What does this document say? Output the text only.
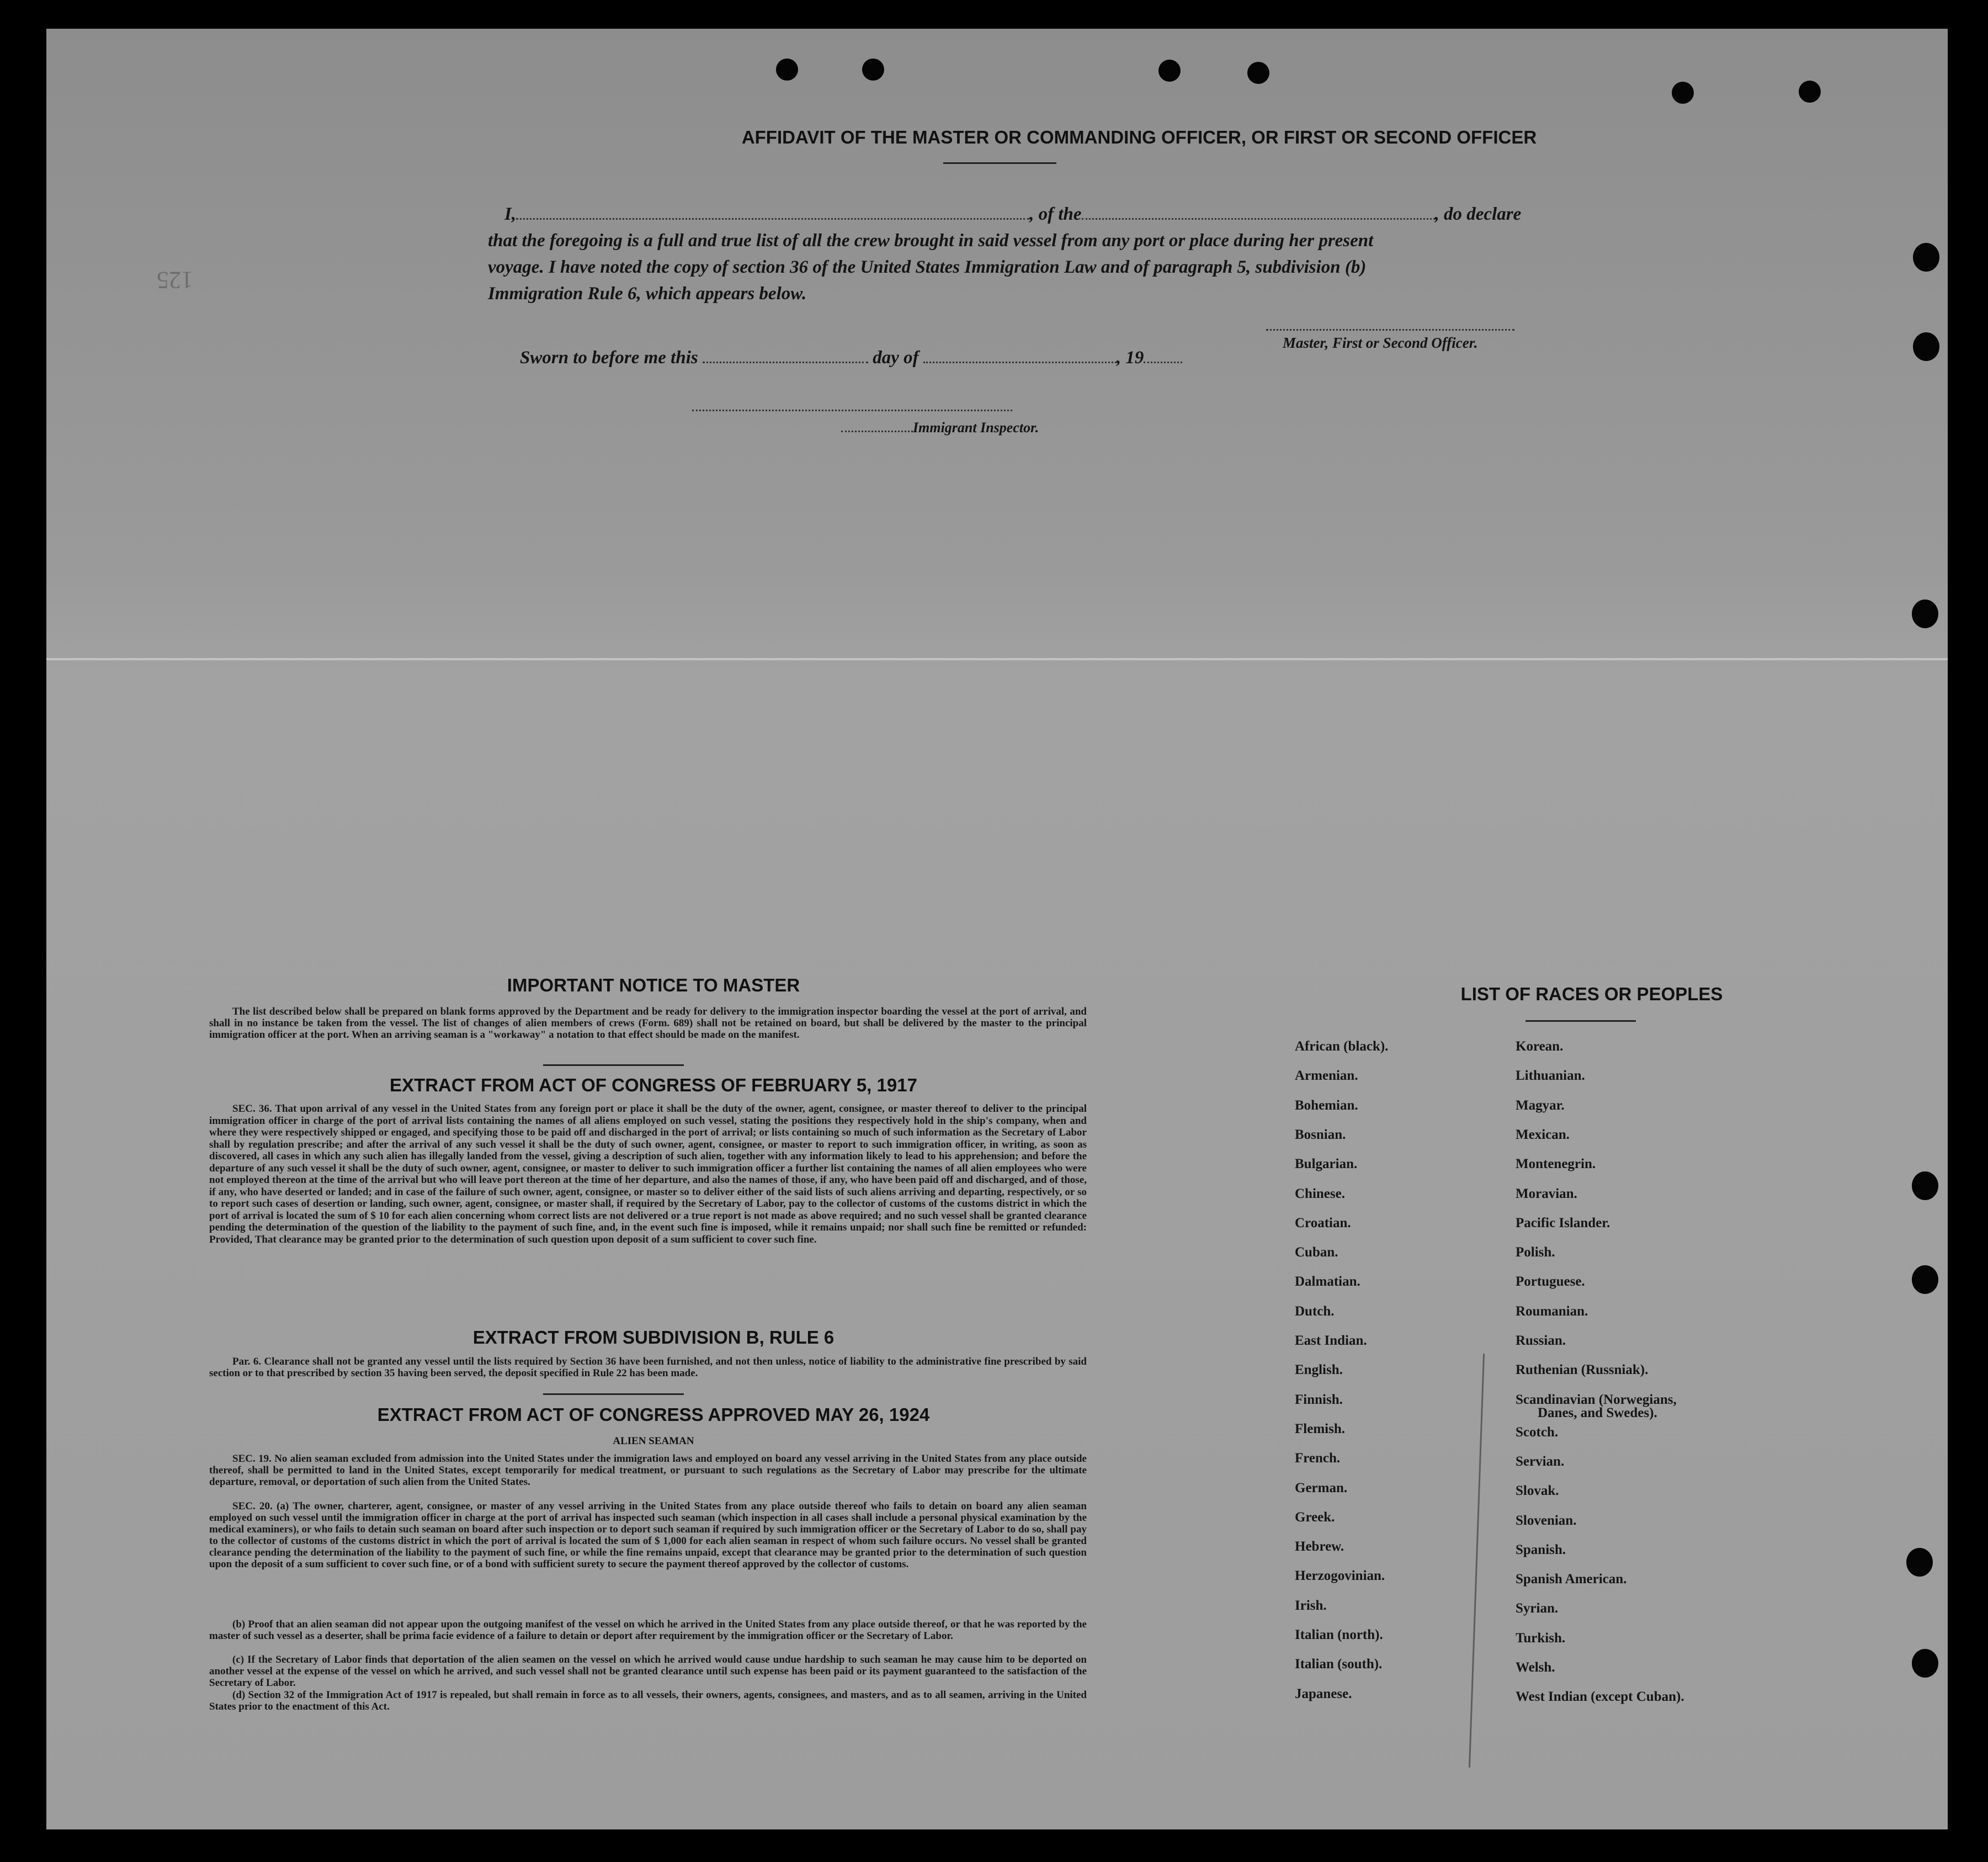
125
AFFIDAVIT OF THE MASTER OR COMMANDING OFFICER, OR FIRST OR SECOND OFFICER
I,	, of the	, do declare
that the foregoing is a full and true list of all the crew brought in said vessel from any port or place during her present
voyage. I have noted the copy of section 36 of the United States Immigration Law and of paragraph 5, subdivision (b)
Immigration Rule 6, which appears below.
Master, First or Second Officer.
Sworn to before me this	day of	, 19
Immigrant Inspector.
IMPORTANT NOTICE TO MASTER
The list described below shall be prepared on blank forms approved by the Department and be ready for delivery to the immigration inspector boarding the vessel at the port of arrival, and shall in no instance be taken from the vessel. The list of changes of alien members of crews (Form. 689) shall not be retained on board, but shall be delivered by the master to the principal immigration officer at the port. When an arriving seaman is a "workaway" a notation to that effect should be made on the manifest.
EXTRACT FROM ACT OF CONGRESS OF FEBRUARY 5, 1917
SEC. 36. That upon arrival of any vessel in the United States from any foreign port or place it shall be the duty of the owner, agent, consignee, or master thereof to deliver to the principal immigration officer in charge of the port of arrival lists containing the names of all aliens employed on such vessel, stating the positions they respectively hold in the ship's company, when and where they were respectively shipped or engaged, and specifying those to be paid off and discharged in the port of arrival; or lists containing so much of such information as the Secretary of Labor shall by regulation prescribe; and after the arrival of any such vessel it shall be the duty of such owner, agent, consignee, or master to report to such immigration officer, in writing, as soon as discovered, all cases in which any such alien has illegally landed from the vessel, giving a description of such alien, together with any information likely to lead to his apprehension; and before the departure of any such vessel it shall be the duty of such owner, agent, consignee, or master to deliver to such immigration officer a further list containing the names of all alien employees who were not employed thereon at the time of the arrival but who will leave port thereon at the time of her departure, and also the names of those, if any, who have been paid off and discharged, and of those, if any, who have deserted or landed; and in case of the failure of such owner, agent, consignee, or master so to deliver either of the said lists of such aliens arriving and departing, respectively, or so to report such cases of desertion or landing, such owner, agent, consignee, or master shall, if required by the Secretary of Labor, pay to the collector of customs of the customs district in which the port of arrival is located the sum of $ 10 for each alien concerning whom correct lists are not delivered or a true report is not made as above required; and no such vessel shall be granted clearance pending the determination of the question of the liability to the payment of such fine, and, in the event such fine is imposed, while it remains unpaid; nor shall such fine be remitted or refunded: Provided, That clearance may be granted prior to the determination of such question upon deposit of a sum sufficient to cover such fine.
EXTRACT FROM SUBDIVISION B, RULE 6
Par. 6. Clearance shall not be granted any vessel until the lists required by Section 36 have been furnished, and not then unless, notice of liability to the administrative fine prescribed by said section or to that prescribed by section 35 having been served, the deposit specified in Rule 22 has been made.
EXTRACT FROM ACT OF CONGRESS APPROVED MAY 26, 1924
ALIEN SEAMAN
SEC. 19. No alien seaman excluded from admission into the United States under the immigration laws and employed on board any vessel arriving in the United States from any place outside thereof, shall be permitted to land in the United States, except temporarily for medical treatment, or pursuant to such regulations as the Secretary of Labor may prescribe for the ultimate departure, removal, or deportation of such alien from the United States.
SEC. 20. (a) The owner, charterer, agent, consignee, or master of any vessel arriving in the United States from any place outside thereof who fails to detain on board any alien seaman employed on such vessel until the immigration officer in charge at the port of arrival has inspected such seaman (which inspection in all cases shall include a personal physical examination by the medical examiners), or who fails to detain such seaman on board after such inspection or to deport such seaman if required by such immigration officer or the Secretary of Labor to do so, shall pay to the collector of customs of the customs district in which the port of arrival is located the sum of $ 1,000 for each alien seaman in respect of whom such failure occurs. No vessel shall be granted clearance pending the determination of the liability to the payment of such fine, or while the fine remains unpaid, except that clearance may be granted prior to the determination of such question upon the deposit of a sum sufficient to cover such fine, or of a bond with sufficient surety to secure the payment thereof approved by the collector of customs.
(b) Proof that an alien seaman did not appear upon the outgoing manifest of the vessel on which he arrived in the United States from any place outside thereof, or that he was reported by the master of such vessel as a deserter, shall be prima facie evidence of a failure to detain or deport after requirement by the immigration officer or the Secretary of Labor.
(c) If the Secretary of Labor finds that deportation of the alien seamen on the vessel on which he arrived would cause undue hardship to such seaman he may cause him to be deported on another vessel at the expense of the vessel on which he arrived, and such vessel shall not be granted clearance until such expense has been paid or its payment guaranteed to the satisfaction of the Secretary of Labor.
(d) Section 32 of the Immigration Act of 1917 is repealed, but shall remain in force as to all vessels, their owners, agents, consignees, and masters, and as to all seamen, arriving in the United States prior to the enactment of this Act.
LIST OF RACES OR PEOPLES
African (black).
Armenian.
Bohemian.
Bosnian.
Bulgarian.
Chinese.
Croatian.
Cuban.
Dalmatian.
Dutch.
East Indian.
English.
Finnish.
Flemish.
French.
German.
Greek.
Hebrew.
Herzogovinian.
Irish.
Italian (north).
Italian (south).
Japanese.
Korean.
Lithuanian.
Magyar.
Mexican.
Montenegrin.
Moravian.
Pacific Islander.
Polish.
Portuguese.
Roumanian.
Russian.
Ruthenian (Russniak).
Scandinavian (Norwegians,
Danes, and Swedes).
Scotch.
Servian.
Slovak.
Slovenian.
Spanish.
Spanish American.
Syrian.
Turkish.
Welsh.
West Indian (except Cuban).
